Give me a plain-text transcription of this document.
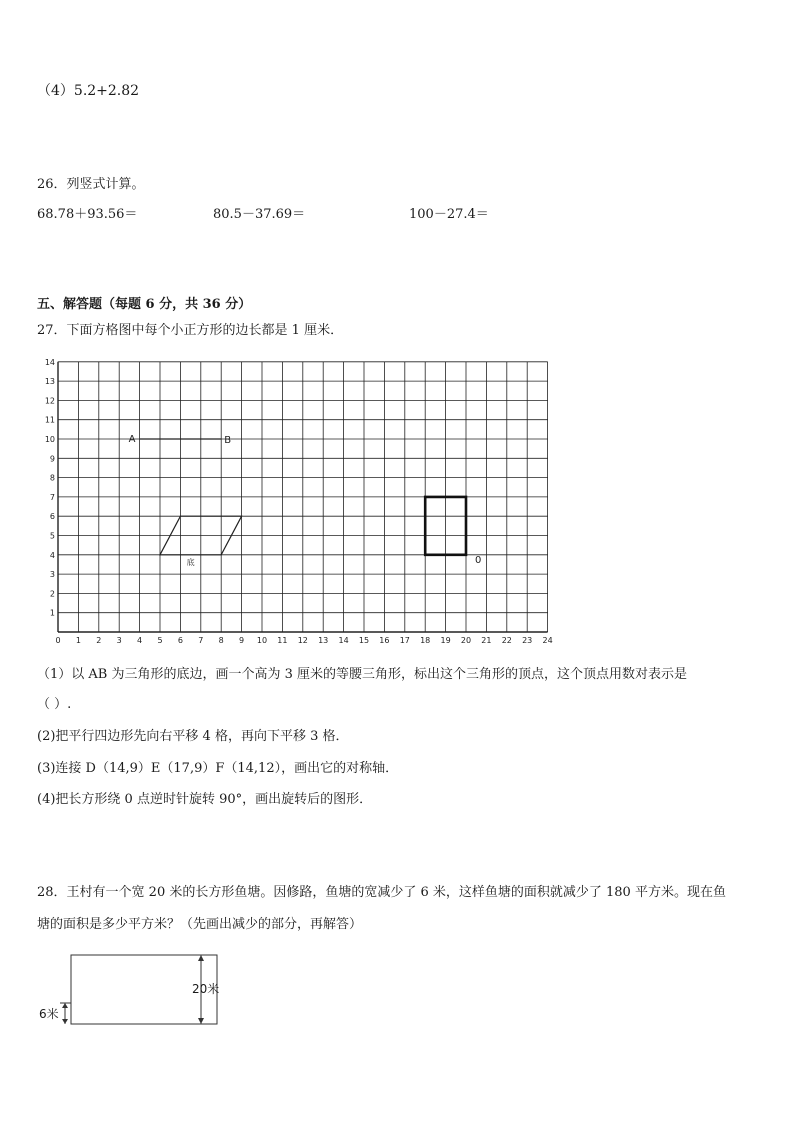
（4）5.2+2.82
26．列竖式计算。
68.78＋93.56＝	80.5－37.69＝	100－27.4＝
五、解答题（每题 6 分，共 36 分）
27．下面方格图中每个小正方形的边长都是 1 厘米．
0 1 2 3 4 5 6 7 8 9 10 11 12 13 14 15 16 17 18 19 20 21 22 23 24
1
2
3
4
5
6
7
8
9
10
11
12
13
14
A	B
底	0
（1）以 AB 为三角形的底边，画一个高为 3 厘米的等腰三角形，标出这个三角形的顶点，这个顶点用数对表示是
（ ）.
(2)把平行四边形先向右平移 4 格，再向下平移 3 格．
(3)连接 D（14,9）E（17,9）F（14,12），画出它的对称轴．
(4)把长方形绕 0 点逆时针旋转 90°，画出旋转后的图形．
28．王村有一个宽 20 米的长方形鱼塘。因修路，鱼塘的宽减少了 6 米，这样鱼塘的面积就减少了 180 平方米。现在鱼
塘的面积是多少平方米？（先画出减少的部分，再解答）
20米
6米
